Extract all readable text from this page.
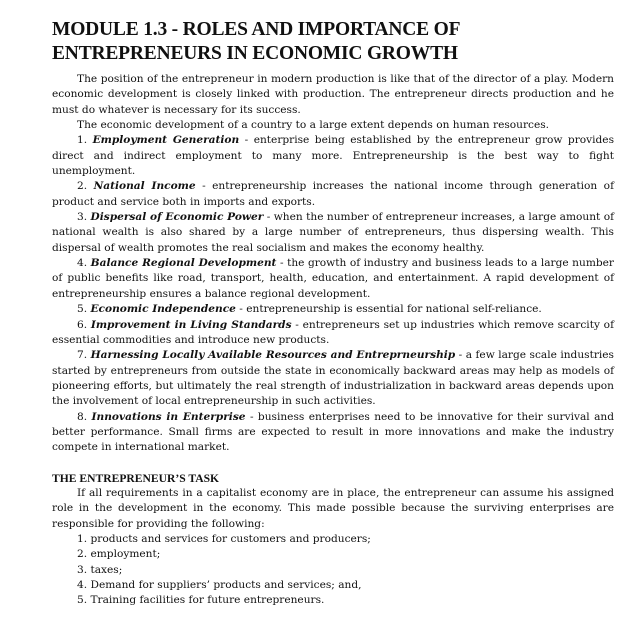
MODULE 1.3 - ROLES AND IMPORTANCE OF ENTREPRENEURS IN ECONOMIC GROWTH

The position of the entrepreneur in modern production is like that of the director of a play. Modern economic development is closely linked with production. The entrepreneur directs production and he must do whatever is necessary for its success.

The economic development of a country to a large extent depends on human resources.

1. Employment Generation - enterprise being established by the entrepreneur grow provides direct and indirect employment to many more. Entrepreneurship is the best way to fight unemployment.

2. National Income - entrepreneurship increases the national income through generation of product and service both in imports and exports.

3. Dispersal of Economic Power - when the number of entrepreneur increases, a large amount of national wealth is also shared by a large number of entrepreneurs, thus dispersing wealth. This dispersal of wealth promotes the real socialism and makes the economy healthy.

4. Balance Regional Development - the growth of industry and business leads to a large number of public benefits like road, transport, health, education, and entertainment. A rapid development of entrepreneurship ensures a balance regional development.

5. Economic Independence - entrepreneurship is essential for national self-reliance.

6. Improvement in Living Standards - entrepreneurs set up industries which remove scarcity of essential commodities and introduce new products.

7. Harnessing Locally Available Resources and Entreprneurship - a few large scale industries started by entrepreneurs from outside the state in economically backward areas may help as models of pioneering efforts, but ultimately the real strength of industrialization in backward areas depends upon the involvement of local entrepreneurship in such activities.

8. Innovations in Enterprise - business enterprises need to be innovative for their survival and better performance. Small firms are expected to result in more innovations and make the industry compete in international market.

THE ENTREPRENEUR’S TASK

If all requirements in a capitalist economy are in place, the entrepreneur can assume his assigned role in the development in the economy. This made possible because the surviving enterprises are responsible for providing the following:

1. products and services for customers and producers;
2. employment;
3. taxes;
4. Demand for suppliers’ products and services; and,
5. Training facilities for future entrepreneurs.
